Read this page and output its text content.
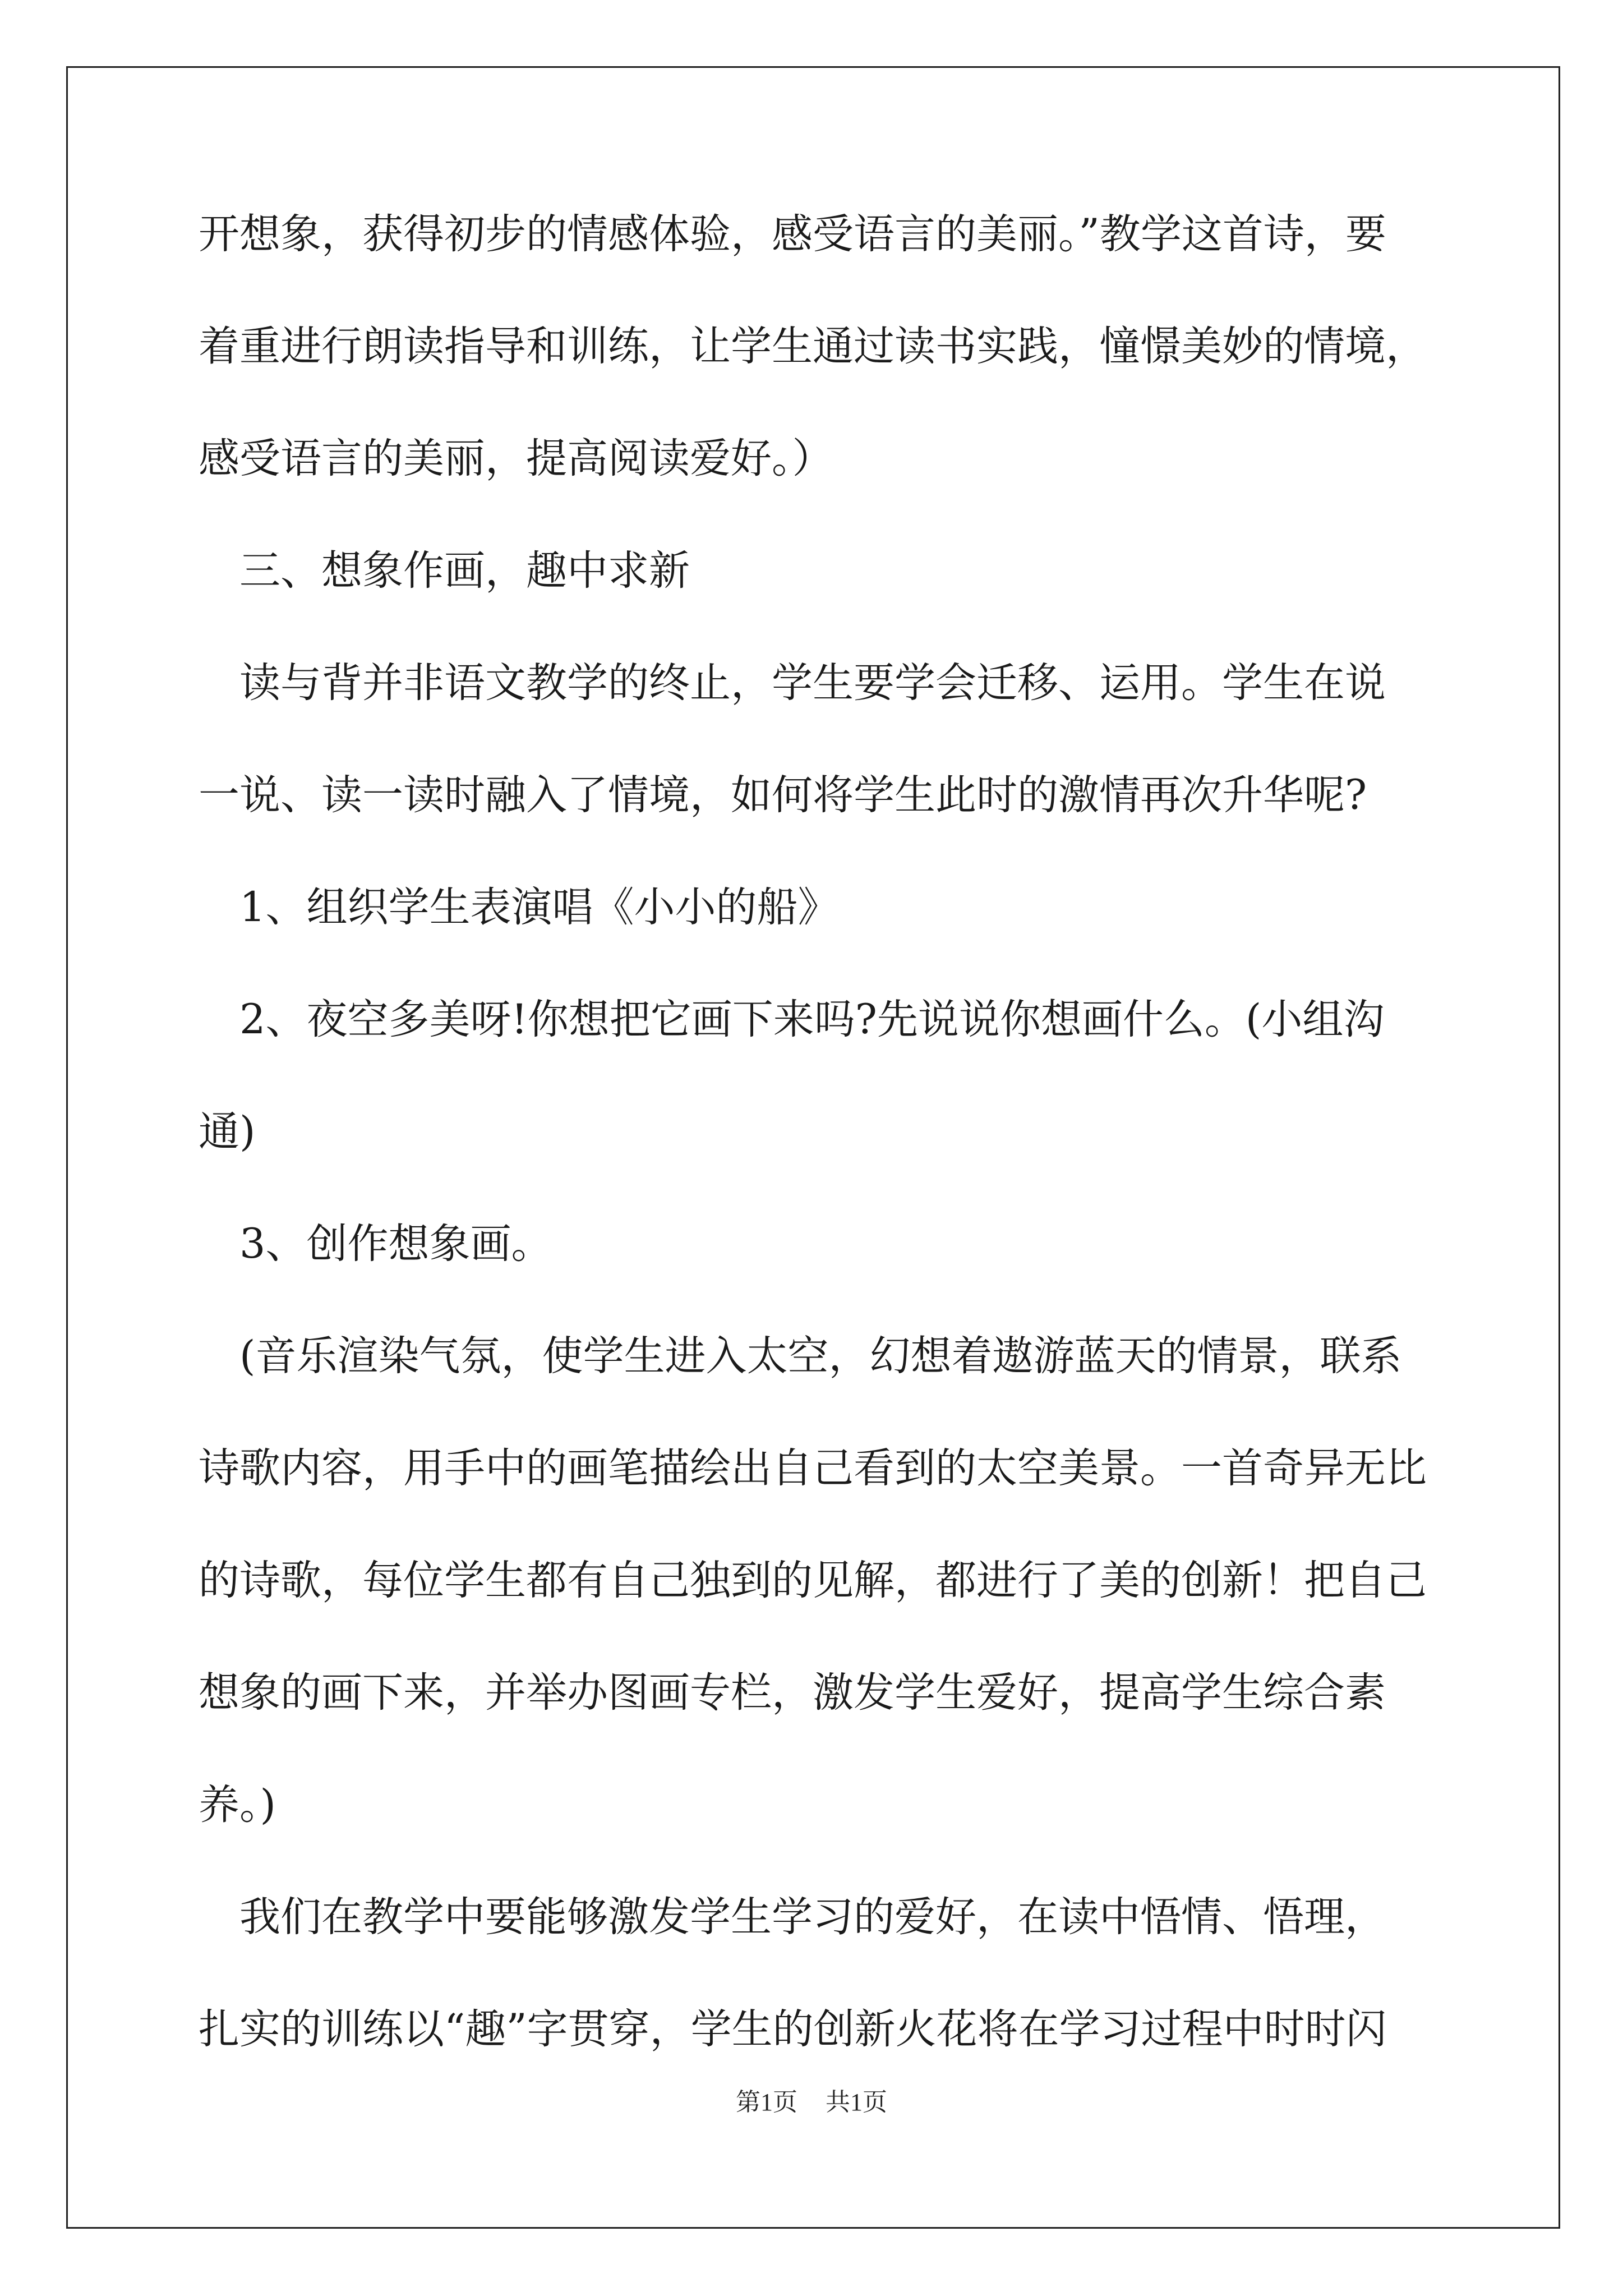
开想象，获得初步的情感体验，感受语言的美丽。”教学这首诗，要
着重进行朗读指导和训练，让学生通过读书实践，憧憬美妙的情境，
感受语言的美丽，提高阅读爱好。）
　三、想象作画，趣中求新
　读与背并非语文教学的终止，学生要学会迁移、运用。学生在说
一说、读一读时融入了情境，如何将学生此时的激情再次升华呢?
　1、组织学生表演唱《小小的船》
　2、夜空多美呀!你想把它画下来吗?先说说你想画什么。(小组沟
通)
　3、创作想象画。
　(音乐渲染气氛，使学生进入太空，幻想着遨游蓝天的情景，联系
诗歌内容，用手中的画笔描绘出自己看到的太空美景。一首奇异无比
的诗歌，每位学生都有自己独到的见解，都进行了美的创新！把自己
想象的画下来，并举办图画专栏，激发学生爱好，提高学生综合素
养。)
　我们在教学中要能够激发学生学习的爱好，在读中悟情、悟理，
扎实的训练以“趣”字贯穿，学生的创新火花将在学习过程中时时闪
第1页 共1页
